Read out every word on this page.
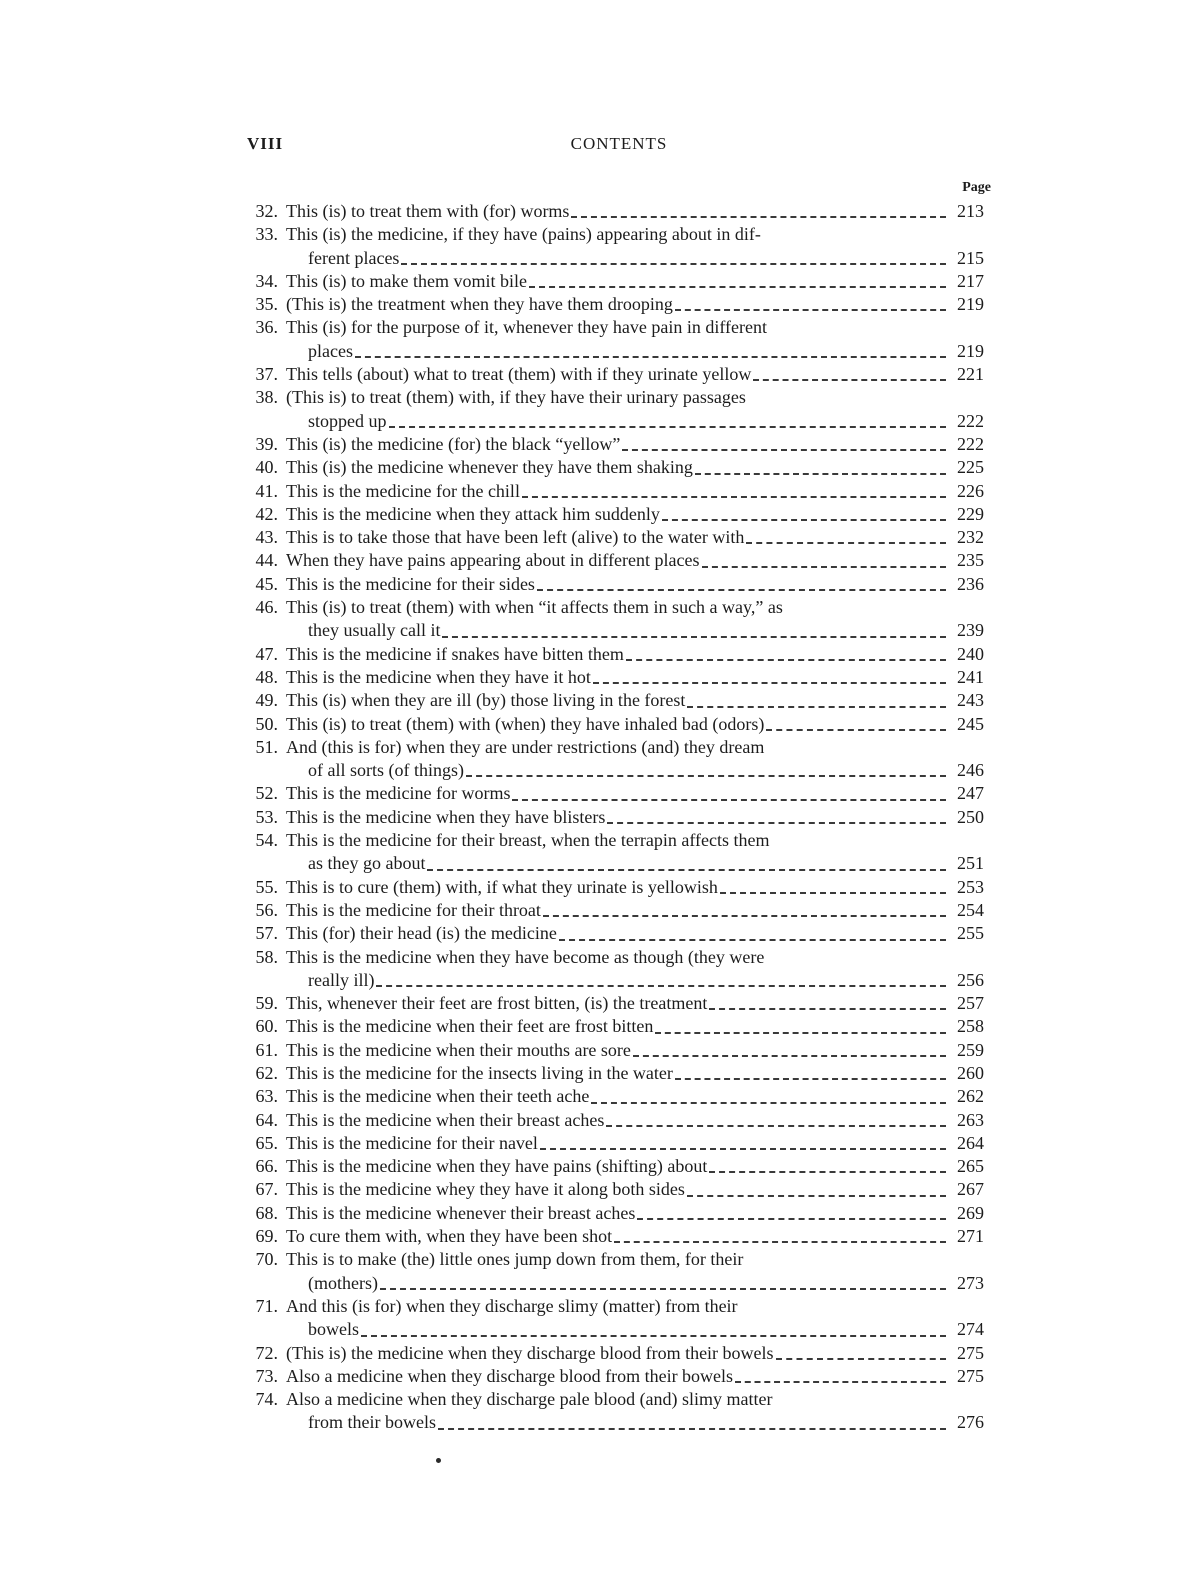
VIII	CONTENTS
Page
32. This (is) to treat them with (for) worms	213
33. This (is) the medicine, if they have (pains) appearing about in dif-
ferent places	215
34. This (is) to make them vomit bile	217
35. (This is) the treatment when they have them drooping	219
36. This (is) for the purpose of it, whenever they have pain in different
places	219
37. This tells (about) what to treat (them) with if they urinate yellow	221
38. (This is) to treat (them) with, if they have their urinary passages
stopped up	222
39. This (is) the medicine (for) the black “yellow”	222
40. This (is) the medicine whenever they have them shaking	225
41. This is the medicine for the chill	226
42. This is the medicine when they attack him suddenly	229
43. This is to take those that have been left (alive) to the water with	232
44. When they have pains appearing about in different places	235
45. This is the medicine for their sides	236
46. This (is) to treat (them) with when “it affects them in such a way,” as
they usually call it	239
47. This is the medicine if snakes have bitten them	240
48. This is the medicine when they have it hot	241
49. This (is) when they are ill (by) those living in the forest	243
50. This (is) to treat (them) with (when) they have inhaled bad (odors)	245
51. And (this is for) when they are under restrictions (and) they dream
of all sorts (of things)	246
52. This is the medicine for worms	247
53. This is the medicine when they have blisters	250
54. This is the medicine for their breast, when the terrapin affects them
as they go about	251
55. This is to cure (them) with, if what they urinate is yellowish	253
56. This is the medicine for their throat	254
57. This (for) their head (is) the medicine	255
58. This is the medicine when they have become as though (they were
really ill)	256
59. This, whenever their feet are frost bitten, (is) the treatment	257
60. This is the medicine when their feet are frost bitten	258
61. This is the medicine when their mouths are sore	259
62. This is the medicine for the insects living in the water	260
63. This is the medicine when their teeth ache	262
64. This is the medicine when their breast aches	263
65. This is the medicine for their navel	264
66. This is the medicine when they have pains (shifting) about	265
67. This is the medicine whey they have it along both sides	267
68. This is the medicine whenever their breast aches	269
69. To cure them with, when they have been shot	271
70. This is to make (the) little ones jump down from them, for their
(mothers)	273
71. And this (is for) when they discharge slimy (matter) from their
bowels	274
72. (This is) the medicine when they discharge blood from their bowels	275
73. Also a medicine when they discharge blood from their bowels	275
74. Also a medicine when they discharge pale blood (and) slimy matter
from their bowels	276
